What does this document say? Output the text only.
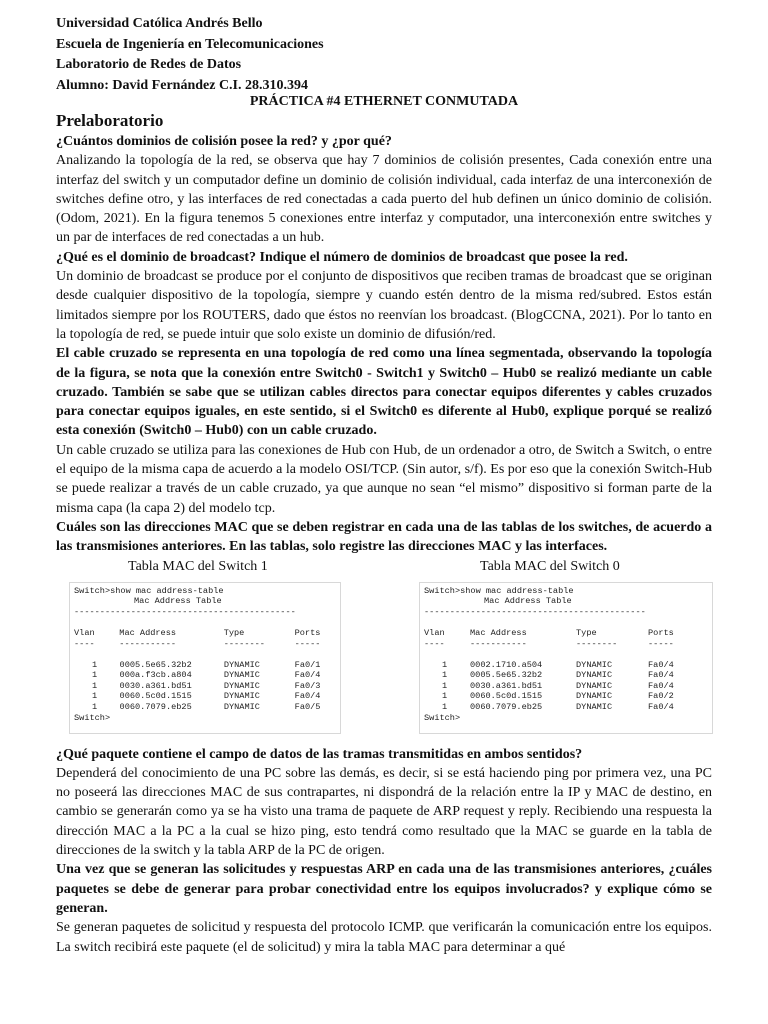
Universidad Católica Andrés Bello
Escuela de Ingeniería en Telecomunicaciones
Laboratorio de Redes de Datos
Alumno: David Fernández C.I. 28.310.394
PRÁCTICA #4 ETHERNET CONMUTADA
Prelaboratorio

¿Cuántos dominios de colisión posee la red? y ¿por qué?

Analizando la topología de la red, se observa que hay 7 dominios de colisión presentes, Cada conexión entre una interfaz del switch y un computador define un dominio de colisión individual, cada interfaz de una interconexión de switches define otro, y las interfaces de red conectadas a cada puerto del hub definen un único dominio de colisión. (Odom, 2021). En la figura tenemos 5 conexiones entre interfaz y computador, una interconexión entre switches y un par de interfaces de red conectadas a un hub.

¿Qué es el dominio de broadcast? Indique el número de dominios de broadcast que posee la red.

Un dominio de broadcast se produce por el conjunto de dispositivos que reciben tramas de broadcast que se originan desde cualquier dispositivo de la topología, siempre y cuando estén dentro de la misma red/subred. Estos están limitados siempre por los ROUTERS, dado que éstos no reenvían los broadcast. (BlogCCNA, 2021). Por lo tanto en la topología de red, se puede intuir que solo existe un dominio de difusión/red.

El cable cruzado se representa en una topología de red como una línea segmentada, observando la topología de la figura, se nota que la conexión entre Switch0 - Switch1 y Switch0 – Hub0 se realizó mediante un cable cruzado. También se sabe que se utilizan cables directos para conectar equipos diferentes y cables cruzados para conectar equipos iguales, en este sentido, si el Switch0 es diferente al Hub0, explique porqué se realizó esta conexión (Switch0 – Hub0) con un cable cruzado.

Un cable cruzado se utiliza para las conexiones de Hub con Hub, de un ordenador a otro, de Switch a Switch, o entre el equipo de la misma capa de acuerdo a la modelo OSI/TCP. (Sin autor, s/f). Es por eso que la conexión Switch-Hub se puede realizar a través de un cable cruzado, ya que aunque no sean “el mismo” dispositivo si forman parte de la misma capa (la capa 2) del modelo tcp.

Cuáles son las direcciones MAC que se deben registrar en cada una de las tablas de los switches, de acuerdo a las transmisiones anteriores. En las tablas, solo registre las direcciones MAC y las interfaces.

Tabla MAC del Switch 1	Tabla MAC del Switch 0
Switch>show mac address-table
Mac Address Table
-------------------------------------------
Vlan	Mac Address	Type	Ports
----	-----------	--------	-----
1	0005.5e65.32b2	DYNAMIC	Fa0/1
1	000a.f3cb.a804	DYNAMIC	Fa0/4
1	0030.a361.bd51	DYNAMIC	Fa0/3
1	0060.5c0d.1515	DYNAMIC	Fa0/4
1	0060.7079.eb25	DYNAMIC	Fa0/5
Switch>
Switch>show mac address-table
Mac Address Table
-------------------------------------------
Vlan	Mac Address	Type	Ports
----	-----------	--------	-----
1	0002.1710.a504	DYNAMIC	Fa0/4
1	0005.5e65.32b2	DYNAMIC	Fa0/4
1	0030.a361.bd51	DYNAMIC	Fa0/4
1	0060.5c0d.1515	DYNAMIC	Fa0/2
1	0060.7079.eb25	DYNAMIC	Fa0/4
Switch>

¿Qué paquete contiene el campo de datos de las tramas transmitidas en ambos sentidos?

Dependerá del conocimiento de una PC sobre las demás, es decir, si se está haciendo ping por primera vez, una PC no poseerá las direcciones MAC de sus contrapartes, ni dispondrá de la relación entre la IP y MAC de destino, en cambio se generarán como ya se ha visto una trama de paquete de ARP request y reply. Recibiendo una respuesta la dirección MAC a la PC a la cual se hizo ping, esto tendrá como resultado que la MAC se guarde en la tabla de direcciones de la switch y la tabla ARP de la PC de origen.

Una vez que se generan las solicitudes y respuestas ARP en cada una de las transmisiones anteriores, ¿cuáles paquetes se debe de generar para probar conectividad entre los equipos involucrados? y explique cómo se generan.

Se generan paquetes de solicitud y respuesta del protocolo ICMP. que verificarán la comunicación entre los equipos. La switch recibirá este paquete (el de solicitud) y mira la tabla MAC para determinar a qué
